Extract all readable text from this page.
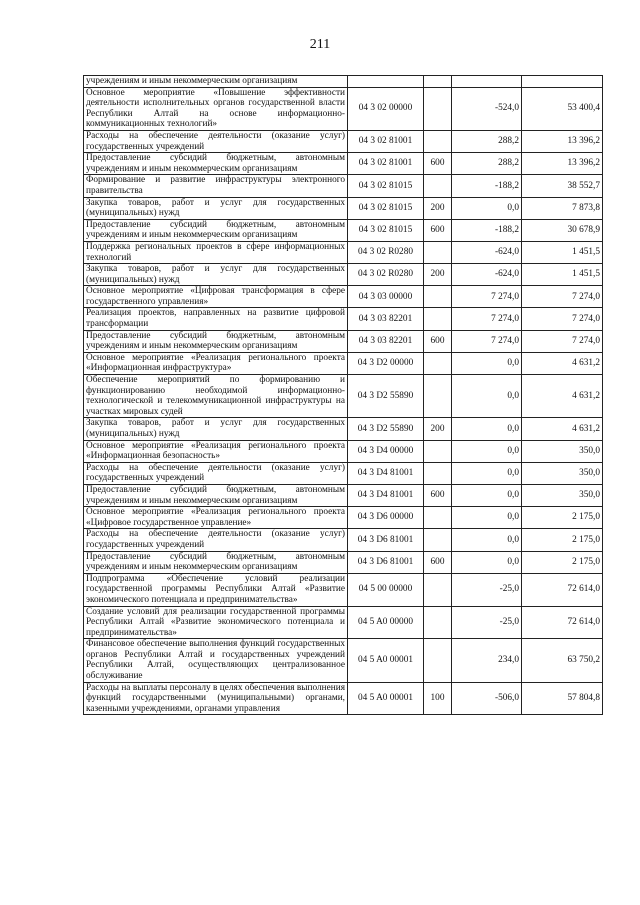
211
учреждениям и иным некоммерческим организациям				
Основное мероприятие «Повышение эффективности деятельности исполнительных органов государственной власти Республики Алтай на основе информационно-коммуникационных технологий»	04 3 02 00000		-524,0	53 400,4
Расходы на обеспечение деятельности (оказание услуг) государственных учреждений	04 3 02 81001		288,2	13 396,2
Предоставление субсидий бюджетным, автономным учреждениям и иным некоммерческим организациям	04 3 02 81001	600	288,2	13 396,2
Формирование и развитие инфраструктуры электронного правительства	04 3 02 81015		-188,2	38 552,7
Закупка товаров, работ и услуг для государственных (муниципальных) нужд	04 3 02 81015	200	0,0	7 873,8
Предоставление субсидий бюджетным, автономным учреждениям и иным некоммерческим организациям	04 3 02 81015	600	-188,2	30 678,9
Поддержка региональных проектов в сфере информационных технологий	04 3 02 R0280		-624,0	1 451,5
Закупка товаров, работ и услуг для государственных (муниципальных) нужд	04 3 02 R0280	200	-624,0	1 451,5
Основное мероприятие «Цифровая трансформация в сфере государственного управления»	04 3 03 00000		7 274,0	7 274,0
Реализация проектов, направленных на развитие цифровой трансформации	04 3 03 82201		7 274,0	7 274,0
Предоставление субсидий бюджетным, автономным учреждениям и иным некоммерческим организациям	04 3 03 82201	600	7 274,0	7 274,0
Основное мероприятие «Реализация регионального проекта «Информационная инфраструктура»	04 3 D2 00000		0,0	4 631,2
Обеспечение мероприятий по формированию и функционированию необходимой информационно-технологической и телекоммуникационной инфраструктуры на участках мировых судей	04 3 D2 55890		0,0	4 631,2
Закупка товаров, работ и услуг для государственных (муниципальных) нужд	04 3 D2 55890	200	0,0	4 631,2
Основное мероприятие «Реализация регионального проекта «Информационная безопасность»	04 3 D4 00000		0,0	350,0
Расходы на обеспечение деятельности (оказание услуг) государственных учреждений	04 3 D4 81001		0,0	350,0
Предоставление субсидий бюджетным, автономным учреждениям и иным некоммерческим организациям	04 3 D4 81001	600	0,0	350,0
Основное мероприятие «Реализация регионального проекта «Цифровое государственное управление»	04 3 D6 00000		0,0	2 175,0
Расходы на обеспечение деятельности (оказание услуг) государственных учреждений	04 3 D6 81001		0,0	2 175,0
Предоставление субсидий бюджетным, автономным учреждениям и иным некоммерческим организациям	04 3 D6 81001	600	0,0	2 175,0
Подпрограмма «Обеспечение условий реализации государственной программы Республики Алтай «Развитие экономического потенциала и предпринимательства»	04 5 00 00000		-25,0	72 614,0
Создание условий для реализации государственной программы Республики Алтай «Развитие экономического потенциала и предпринимательства»	04 5 A0 00000		-25,0	72 614,0
Финансовое обеспечение выполнения функций государственных органов Республики Алтай и государственных учреждений Республики Алтай, осуществляющих централизованное обслуживание	04 5 A0 00001		234,0	63 750,2
Расходы на выплаты персоналу в целях обеспечения выполнения функций государственными (муниципальными) органами, казенными учреждениями, органами управления	04 5 A0 00001	100	-506,0	57 804,8
